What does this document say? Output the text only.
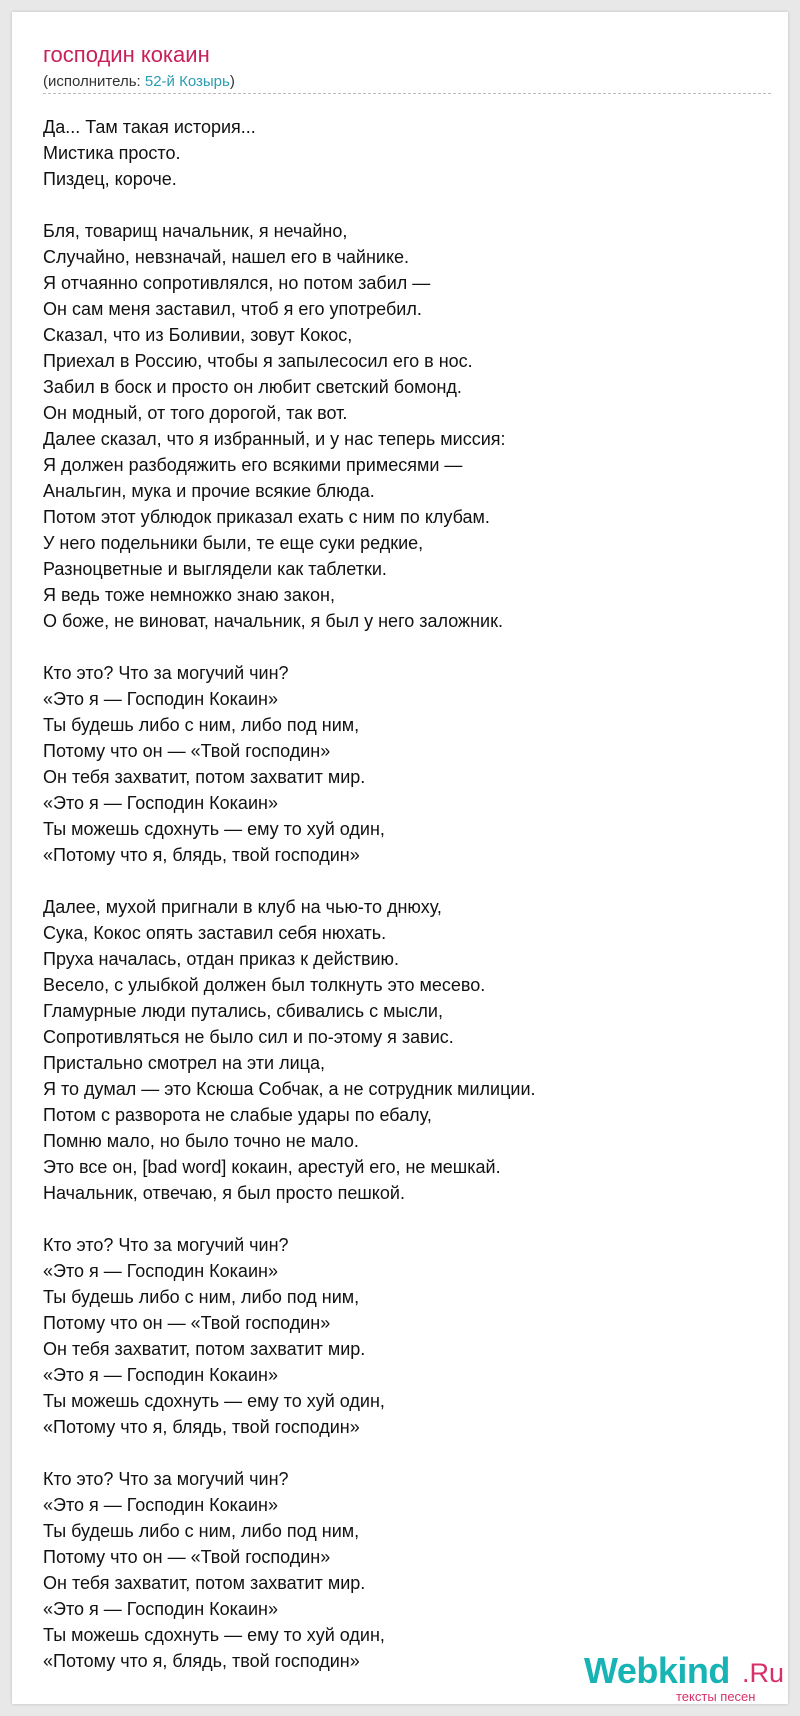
господин кокаин
(исполнитель: 52-й Козырь)
Да... Там такая история...
Мистика просто.
Пиздец, короче.
Бля, товарищ начальник, я нечайно,
Случайно, невзначай, нашел его в чайнике.
Я отчаянно сопротивлялся, но потом забил —
Он сам меня заставил, чтоб я его употребил.
Сказал, что из Боливии, зовут Кокос,
Приехал в Россию, чтобы я запылесосил его в нос.
Забил в боск и просто он любит светский бомонд.
Он модный, от того дорогой, так вот.
Далее сказал, что я избранный, и у нас теперь миссия:
Я должен разбодяжить его всякими примесями —
Анальгин, мука и прочие всякие блюда.
Потом этот ублюдок приказал ехать с ним по клубам.
У него подельники были, те еще суки редкие,
Разноцветные и выглядели как таблетки.
Я ведь тоже немножко знаю закон,
О боже, не виноват, начальник, я был у него заложник.
Кто это? Что за могучий чин?
«Это я — Господин Кокаин»
Ты будешь либо с ним, либо под ним,
Потому что он — «Твой господин»
Он тебя захватит, потом захватит мир.
«Это я — Господин Кокаин»
Ты можешь сдохнуть — ему то хуй один,
«Потому что я, блядь, твой господин»
Далее, мухой пригнали в клуб на чью-то днюху,
Сука, Кокос опять заставил себя нюхать.
Пруха началась, отдан приказ к действию.
Весело, с улыбкой должен был толкнуть это месево.
Гламурные люди путались, сбивались с мысли,
Сопротивляться не было сил и по-этому я завис.
Пристально смотрел на эти лица,
Я то думал — это Ксюша Собчак, а не сотрудник милиции.
Потом с разворота не слабые удары по ебалу,
Помню мало, но было точно не мало.
Это все он, [bad word] кокаин, арестуй его, не мешкай.
Начальник, отвечаю, я был просто пешкой.
Кто это? Что за могучий чин?
«Это я — Господин Кокаин»
Ты будешь либо с ним, либо под ним,
Потому что он — «Твой господин»
Он тебя захватит, потом захватит мир.
«Это я — Господин Кокаин»
Ты можешь сдохнуть — ему то хуй один,
«Потому что я, блядь, твой господин»
Кто это? Что за могучий чин?
«Это я — Господин Кокаин»
Ты будешь либо с ним, либо под ним,
Потому что он — «Твой господин»
Он тебя захватит, потом захватит мир.
«Это я — Господин Кокаин»
Ты можешь сдохнуть — ему то хуй один,
«Потому что я, блядь, твой господин»	Webkind .Ru
тексты песен
